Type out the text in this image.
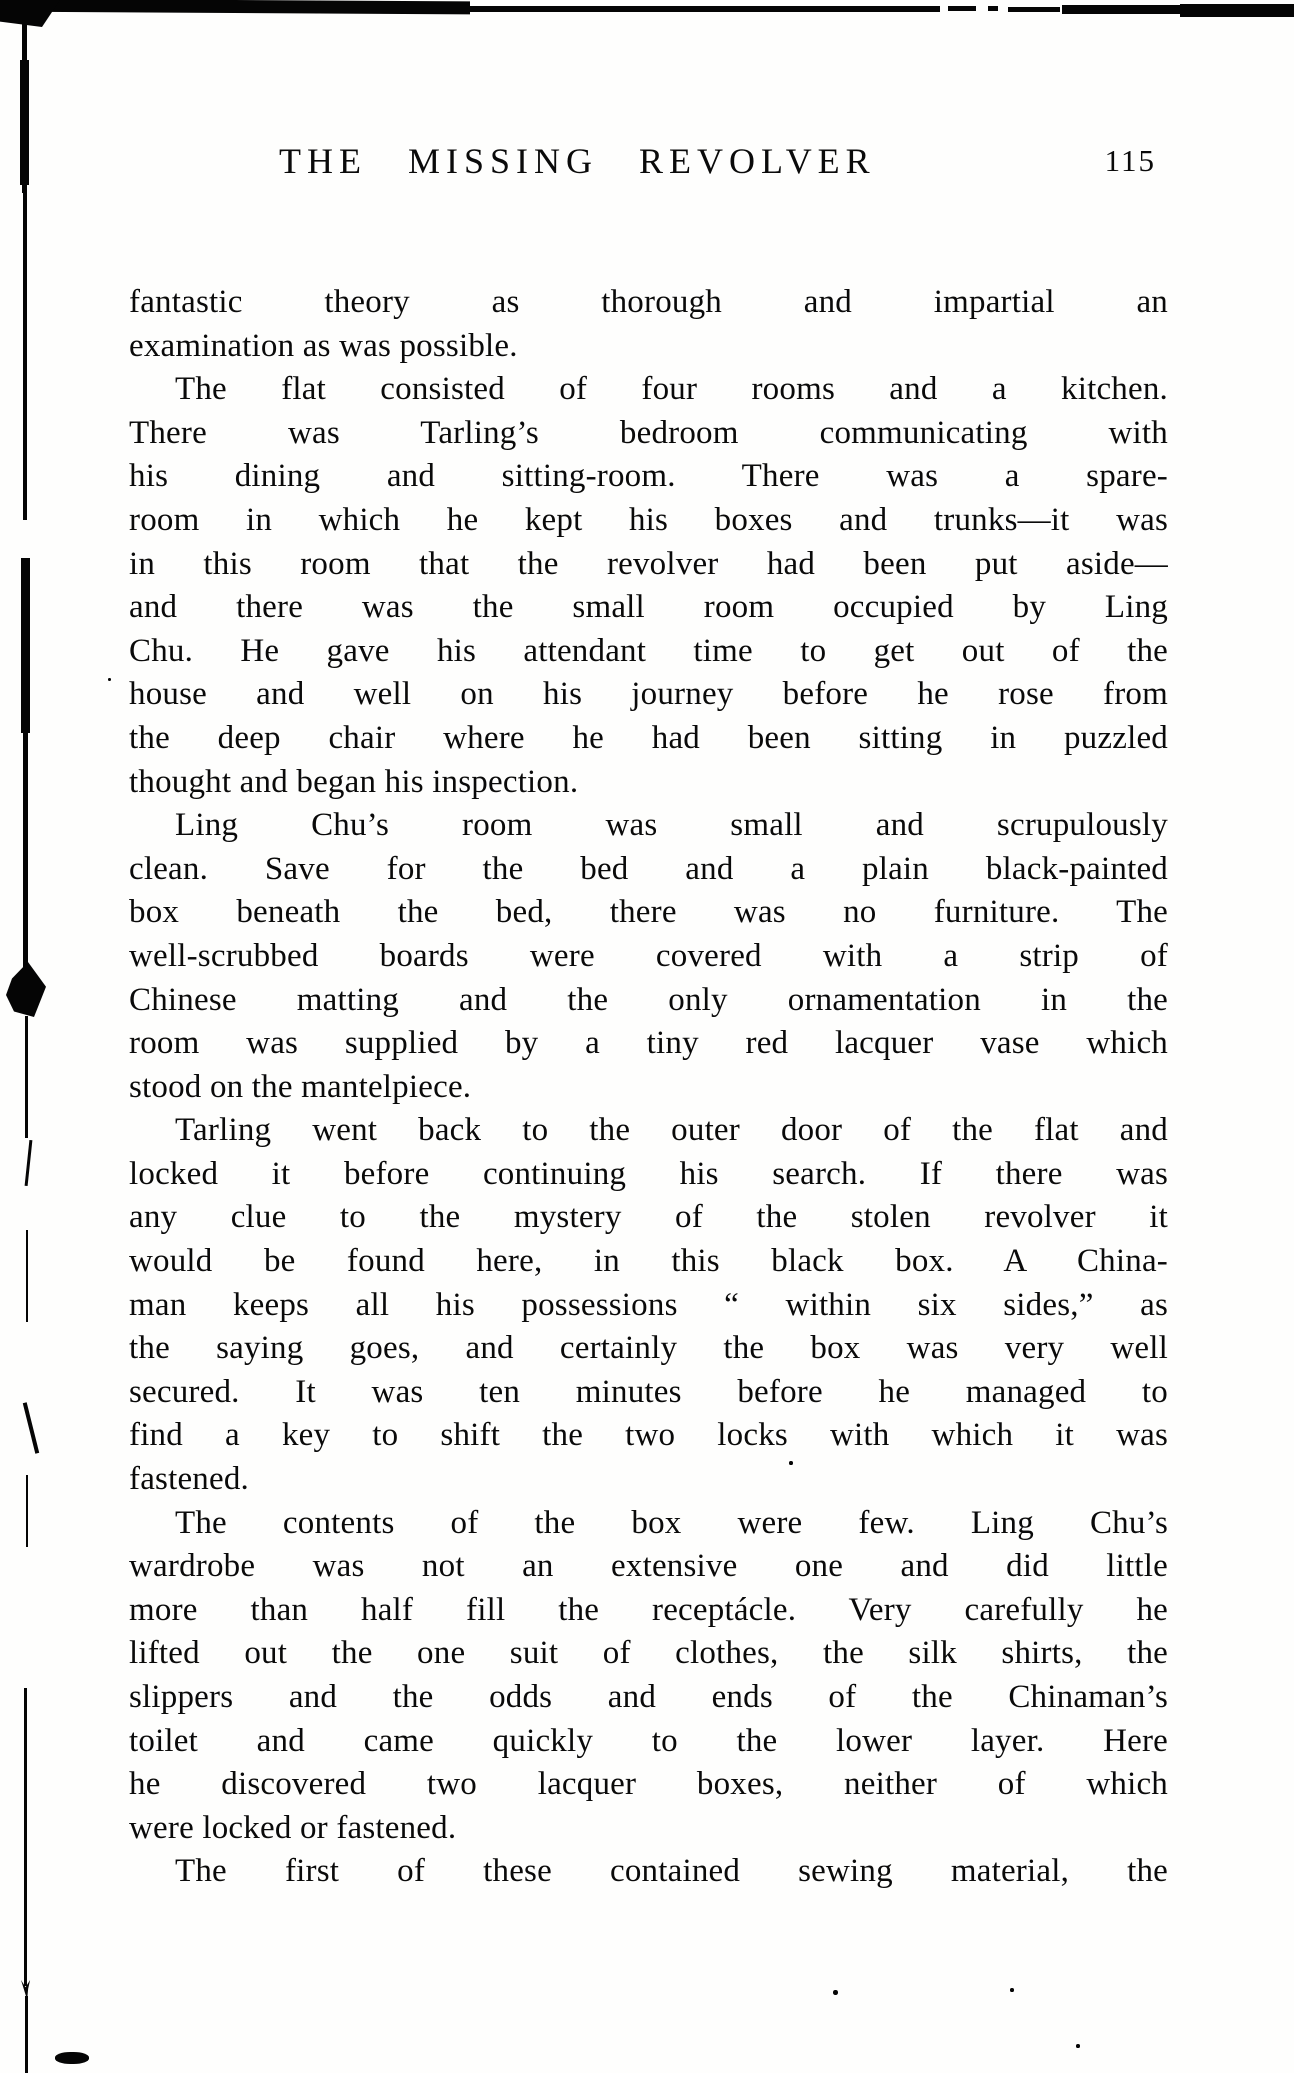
THE MISSING REVOLVER	115
fantastic theory as thorough and impartial an
examination as was possible.
The flat consisted of four rooms and a kitchen.
There was Tarling’s bedroom communicating with
his dining and sitting-room. There was a spare-
room in which he kept his boxes and trunks—it was
in this room that the revolver had been put aside—
and there was the small room occupied by Ling
Chu. He gave his attendant time to get out of the
house and well on his journey before he rose from
the deep chair where he had been sitting in puzzled
thought and began his inspection.
Ling Chu’s room was small and scrupulously
clean. Save for the bed and a plain black-painted
box beneath the bed, there was no furniture. The
well-scrubbed boards were covered with a strip of
Chinese matting and the only ornamentation in the
room was supplied by a tiny red lacquer vase which
stood on the mantelpiece.
Tarling went back to the outer door of the flat and
locked it before continuing his search. If there was
any clue to the mystery of the stolen revolver it
would be found here, in this black box. A China-
man keeps all his possessions “ within six sides,” as
the saying goes, and certainly the box was very well
secured. It was ten minutes before he managed to
find a key to shift the two locks with which it was
fastened.
The contents of the box were few. Ling Chu’s
wardrobe was not an extensive one and did little
more than half fill the receptácle. Very carefully he
lifted out the one suit of clothes, the silk shirts, the
slippers and the odds and ends of the Chinaman’s
toilet and came quickly to the lower layer. Here
he discovered two lacquer boxes, neither of which
were locked or fastened.
The first of these contained sewing material, the
